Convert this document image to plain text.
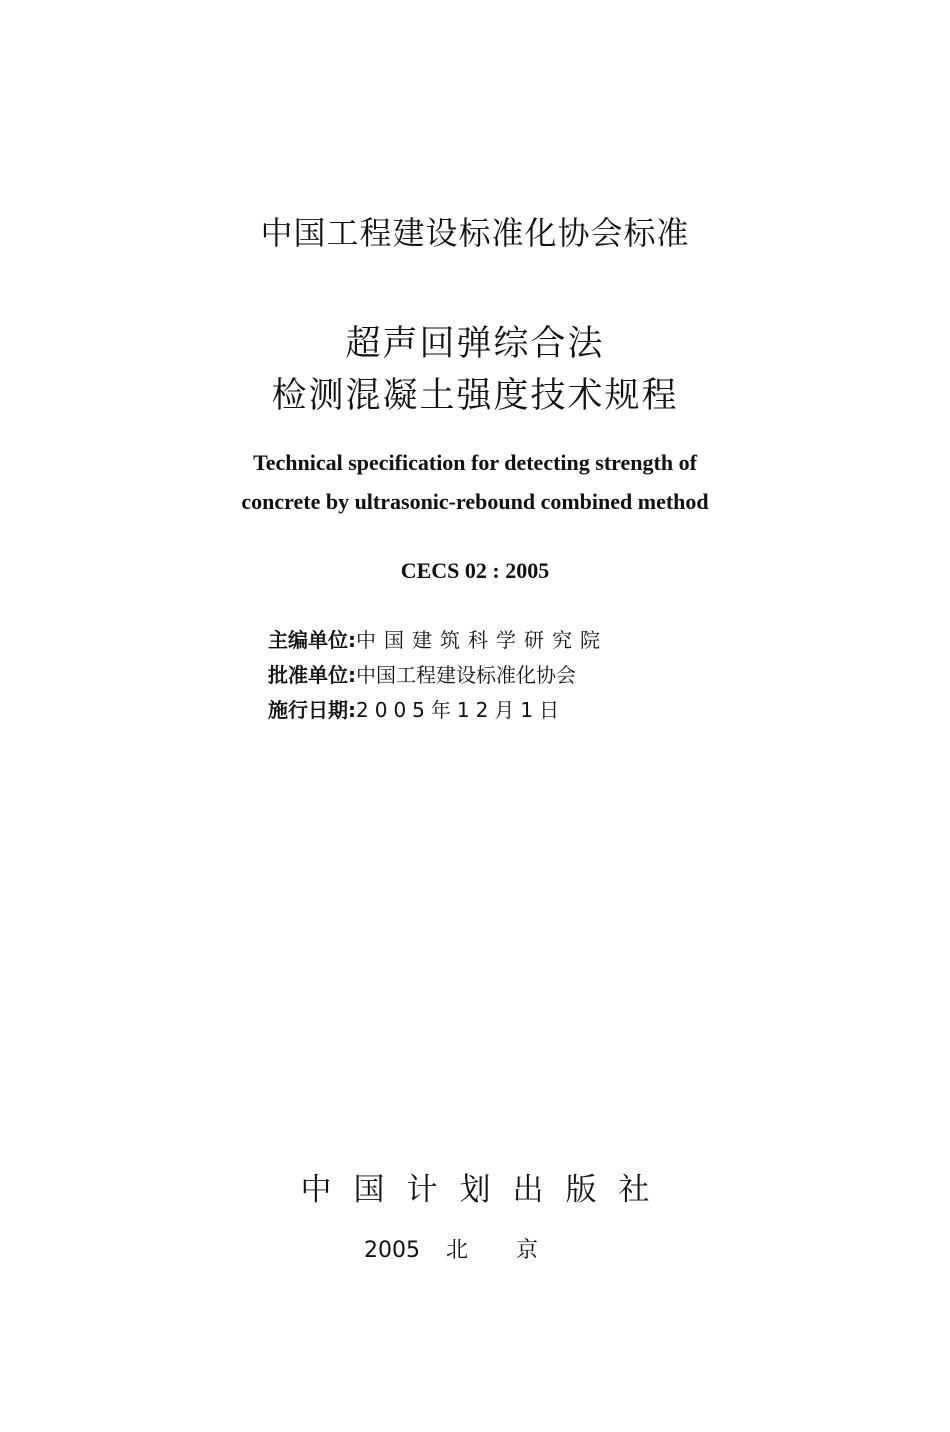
中国工程建设标准化协会标准
超声回弹综合法
检测混凝土强度技术规程
Technical specification for detecting strength of
concrete by ultrasonic-rebound combined method
CECS 02 : 2005
主编单位:中国建筑科学研究院
批准单位:中国工程建设标准化协会
施行日期:2005年12月1日
中国计划出版社
2005 北京
